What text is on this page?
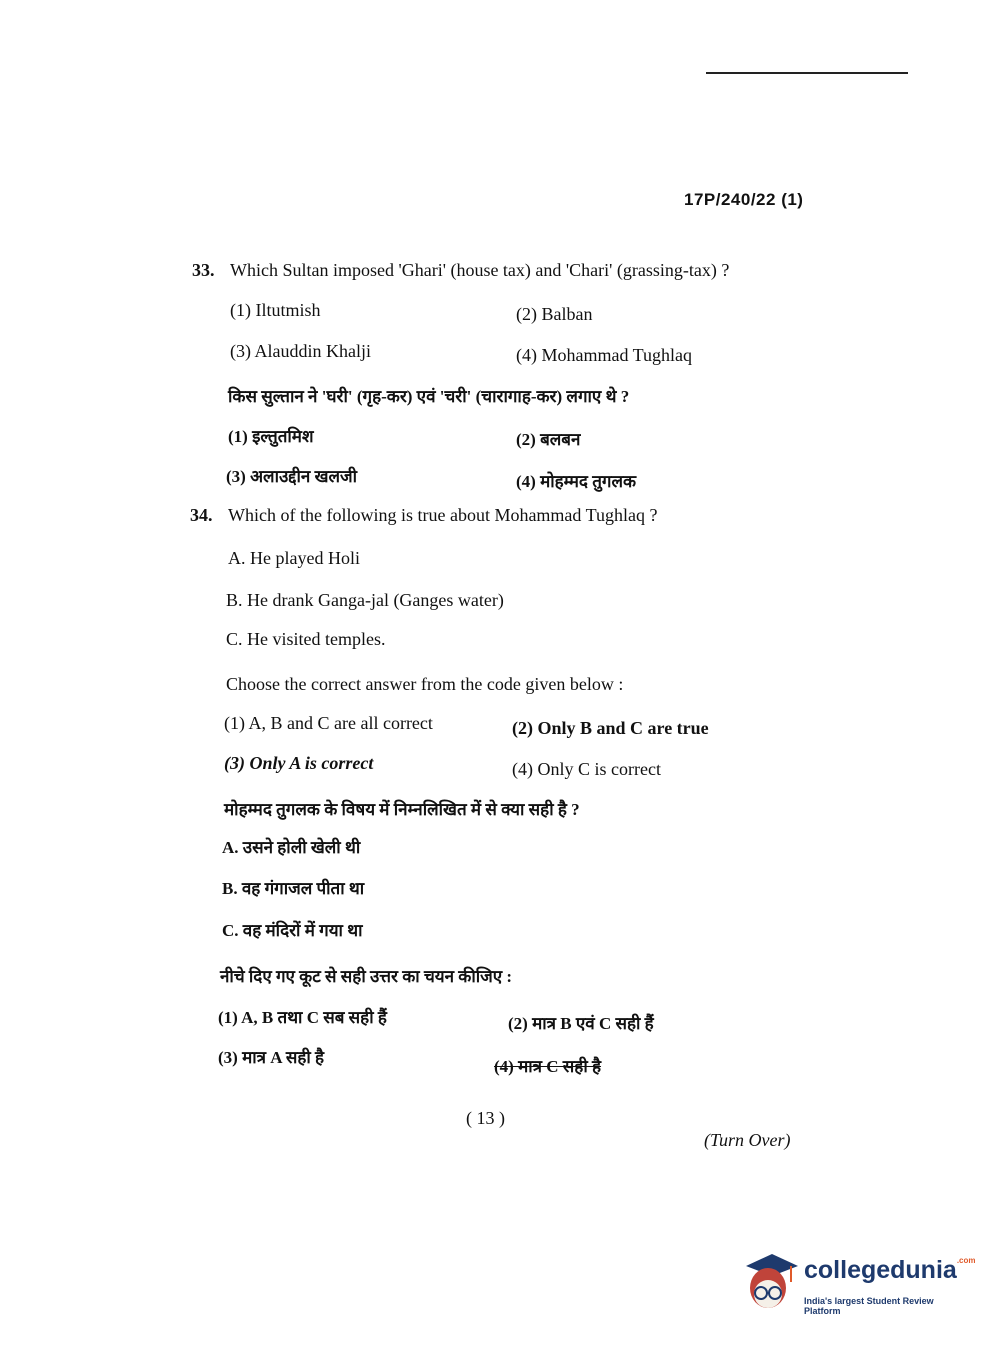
17P/240/22 (1)
33. Which Sultan imposed 'Ghari' (house tax) and 'Chari' (grassing-tax) ?
(1) Iltutmish	(2) Balban
(3) Alauddin Khalji	(4) Mohammad Tughlaq
किस सुल्तान ने 'घरी' (गृह-कर) एवं 'चरी' (चारागाह-कर) लगाए थे ?
(1) इल्तुतमिश	(2) बलबन
(3) अलाउद्दीन खलजी	(4) मोहम्मद तुगलक
34. Which of the following is true about Mohammad Tughlaq ?
A. He played Holi
B. He drank Ganga-jal (Ganges water)
C. He visited temples.
Choose the correct answer from the code given below :
(1) A, B and C are all correct	(2) Only B and C are true
(3) Only A is correct	(4) Only C is correct
मोहम्मद तुगलक के विषय में निम्नलिखित में से क्या सही है ?
A. उसने होली खेली थी
B. वह गंगाजल पीता था
C. वह मंदिरों में गया था
नीचे दिए गए कूट से सही उत्तर का चयन कीजिए :
(1) A, B तथा C सब सही हैं	(2) मात्र B एवं C सही हैं
(3) मात्र A सही है	(4) मात्र C सही है
( 13 )
(Turn Over)
collegedunia$^{.com}$
India's largest Student Review Platform
